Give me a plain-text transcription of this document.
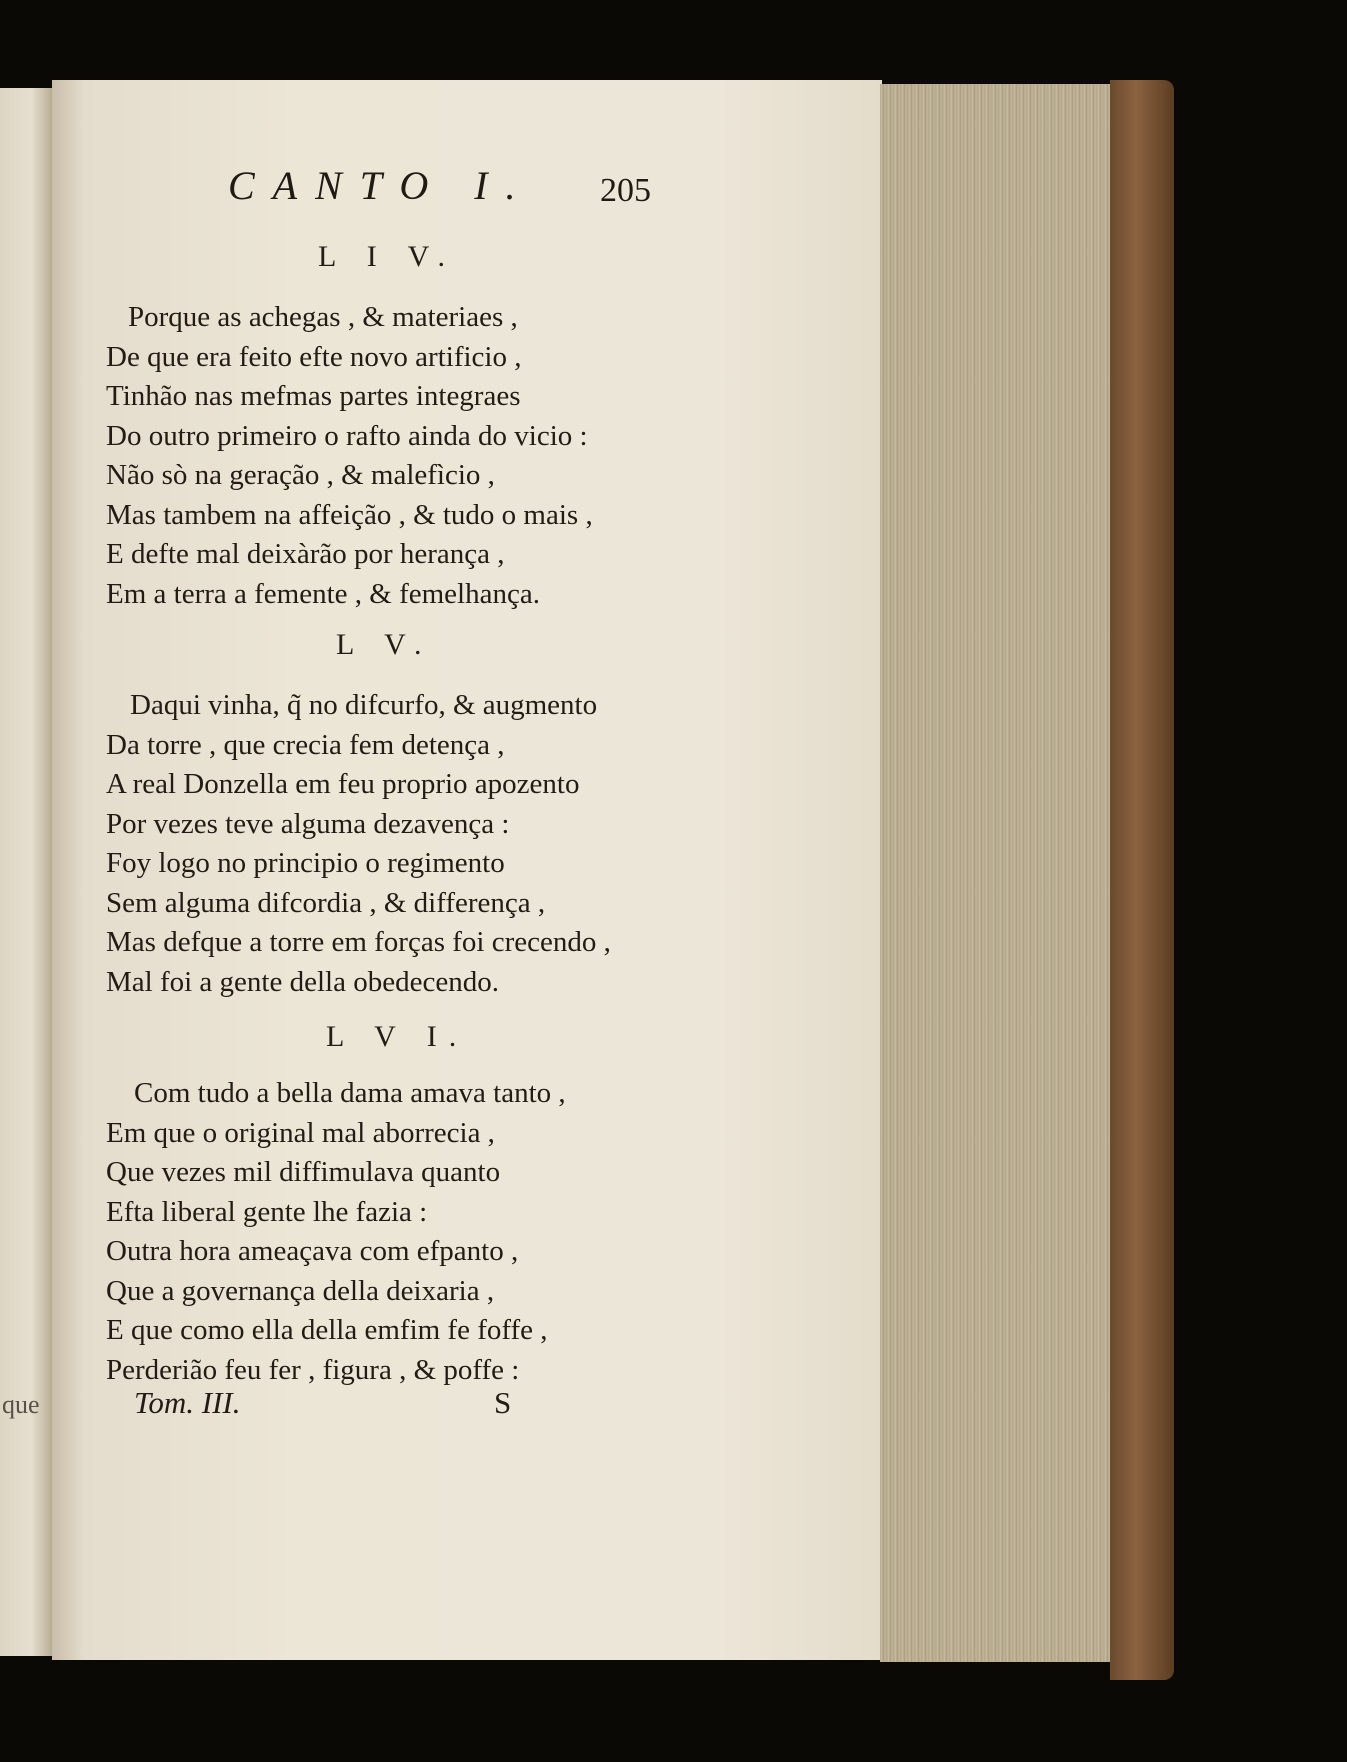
que
CANTO I.	205
L I V.
Porque as achegas , & materiaes ,
De que era feito efte novo artificio ,
Tinhão nas mefmas partes integraes
Do outro primeiro o rafto ainda do vicio :
Não sò na geração , & malefìcio ,
Mas tambem na affeição , & tudo o mais ,
E defte mal deixàrão por herança ,
Em a terra a femente , & femelhança.
L V.
Daqui vinha, q̃ no difcurfo, & augmento
Da torre , que crecia fem detença ,
A real Donzella em feu proprio apozento
Por vezes teve alguma dezavença :
Foy logo no principio o regimento
Sem alguma difcordia , & differença ,
Mas defque a torre em forças foi crecendo ,
Mal foi a gente della obedecendo.
L V I.
Com tudo a bella dama amava tanto ,
Em que o original mal aborrecia ,
Que vezes mil diffimulava quanto
Efta liberal gente lhe fazia :
Outra hora ameaçava com efpanto ,
Que a governança della deixaria ,
E que como ella della emfim fe foffe ,
Perderião feu fer , figura , & poffe :
Tom. III.	S
